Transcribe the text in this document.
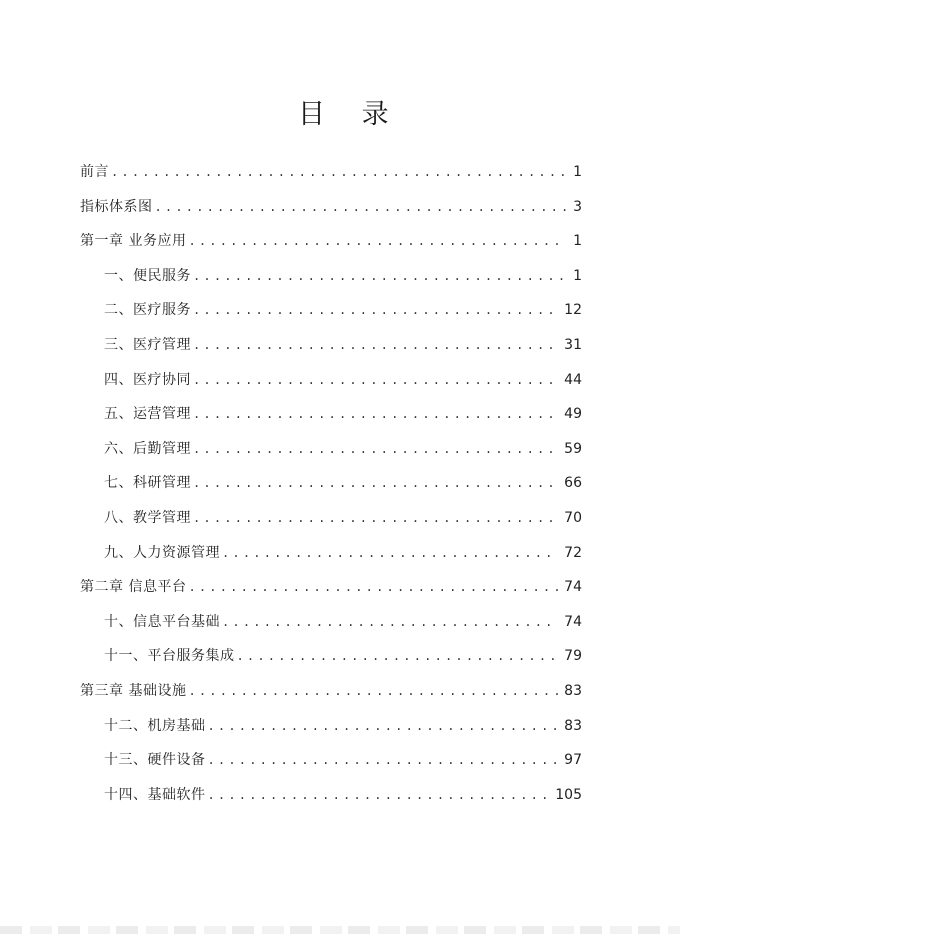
目 录
前言 .....	1
指标体系图 .....	3
第一章 业务应用 .....	1
一、便民服务 .....	1
二、医疗服务 .....	12
三、医疗管理 .....	31
四、医疗协同 .....	44
五、运营管理 .....	49
六、后勤管理 .....	59
七、科研管理 .....	66
八、教学管理 .....	70
九、人力资源管理 .....	72
第二章 信息平台 .....	74
十、信息平台基础 .....	74
十一、平台服务集成 .....	79
第三章 基础设施 .....	83
十二、机房基础 .....	83
十三、硬件设备 .....	97
十四、基础软件 .....	105
